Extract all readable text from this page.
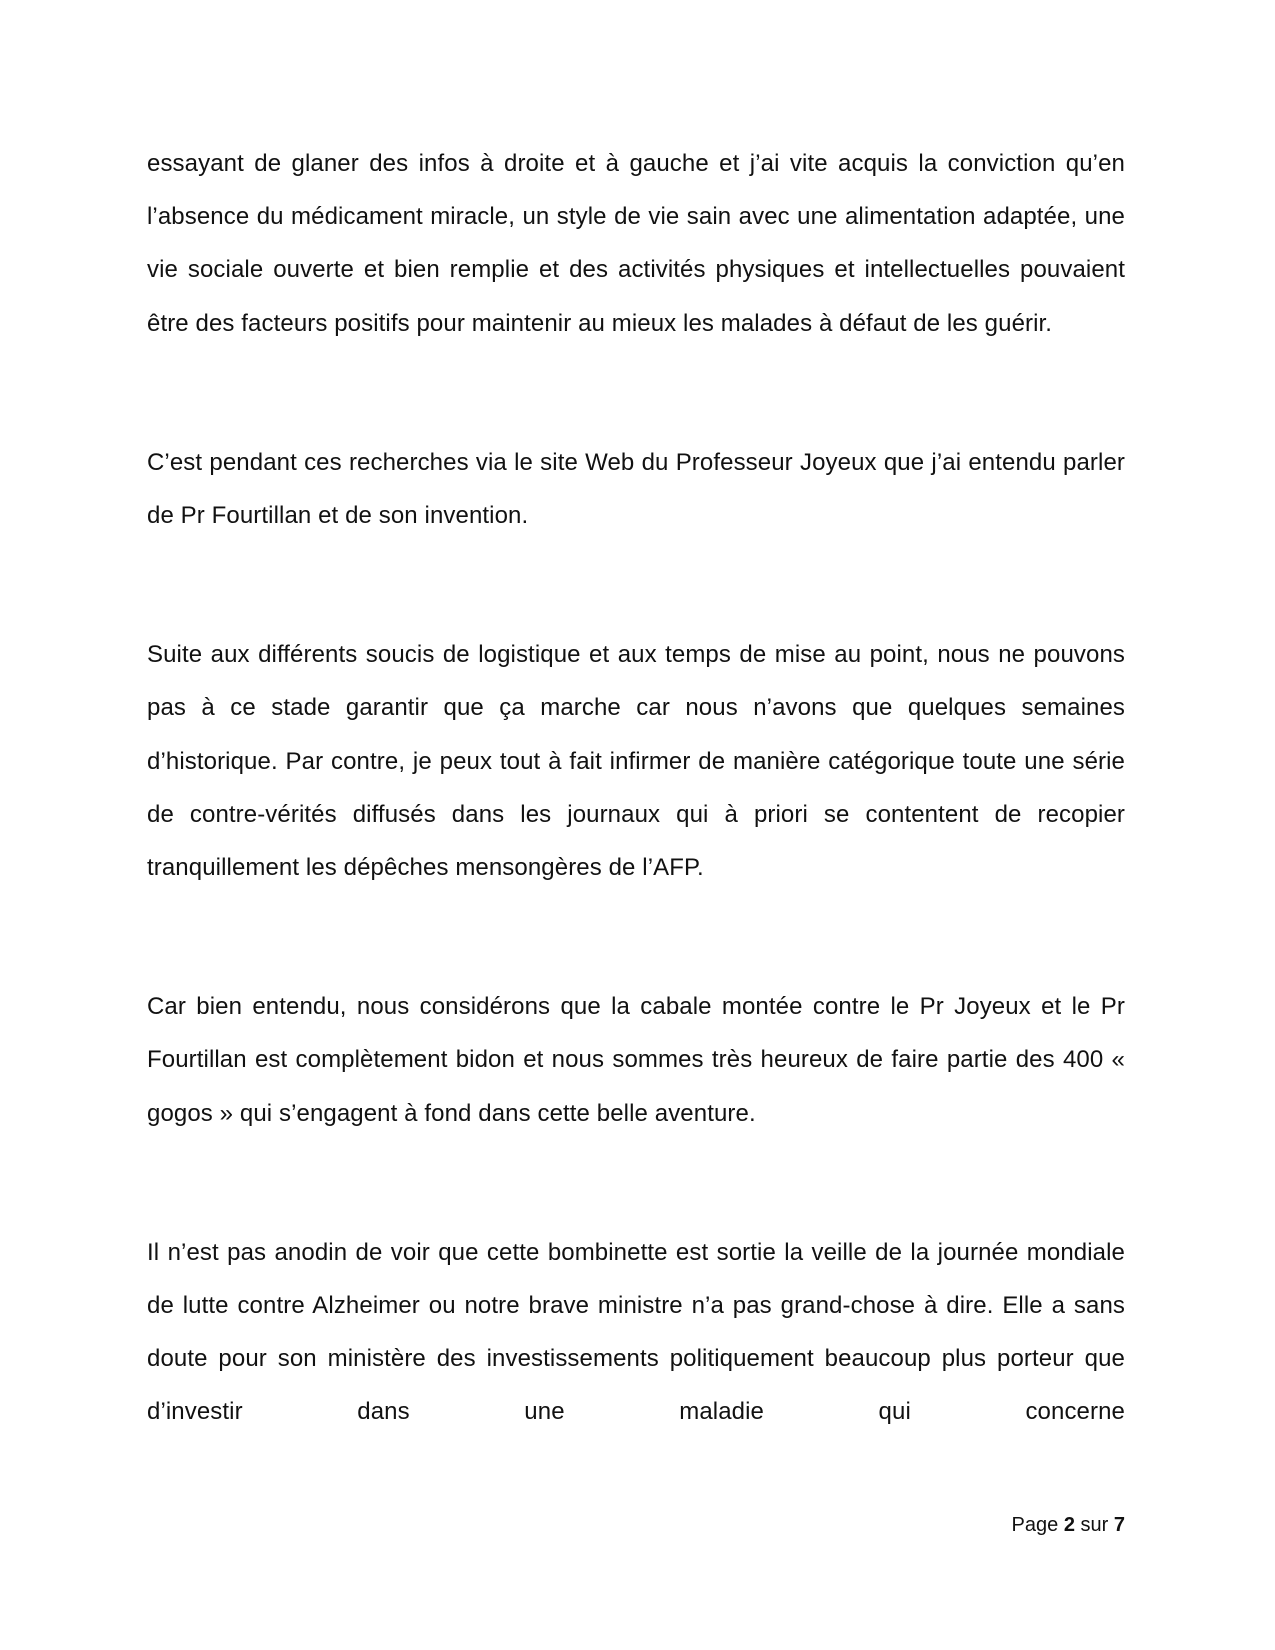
essayant de glaner des infos à droite et à gauche et j’ai vite acquis la conviction qu’en l’absence du médicament miracle, un style de vie sain avec une alimentation adaptée, une vie sociale ouverte et bien remplie et des activités physiques et intellectuelles pouvaient être des facteurs positifs pour maintenir au mieux les malades à défaut de les guérir.

C’est pendant ces recherches via le site Web du Professeur Joyeux que j’ai entendu parler de Pr Fourtillan et de son invention.

Suite aux différents soucis de logistique et aux temps de mise au point, nous ne pouvons pas à ce stade garantir que ça marche car nous n’avons que quelques semaines d’historique. Par contre, je peux tout à fait infirmer de manière catégorique toute une série de contre-vérités diffusés dans les journaux qui à priori se contentent de recopier tranquillement les dépêches mensongères de l’AFP.

Car bien entendu, nous considérons que la cabale montée contre le Pr Joyeux et le Pr Fourtillan est complètement bidon et nous sommes très heureux de faire partie des 400 « gogos » qui s’engagent à fond dans cette belle aventure.

Il n’est pas anodin de voir que cette bombinette est sortie la veille de la journée mondiale de lutte contre Alzheimer ou notre brave ministre n’a pas grand-chose à dire. Elle a sans doute pour son ministère des investissements politiquement beaucoup plus porteur que d’investir dans une maladie qui concerne

Page 2 sur 7
